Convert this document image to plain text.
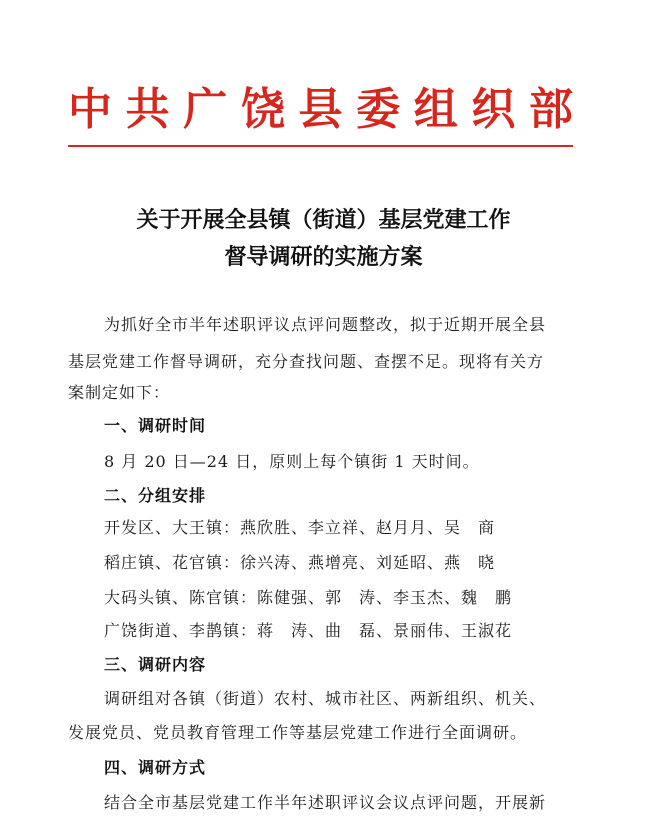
中 共 广 饶 县 委 组 织 部
关于开展全县镇（街道）基层党建工作
督导调研的实施方案
为抓好全市半年述职评议点评问题整改，拟于近期开展全县
基层党建工作督导调研，充分查找问题、查摆不足。现将有关方
案制定如下：
一、调研时间
8 月 20 日—24 日，原则上每个镇街 1 天时间。
二、分组安排
开发区、大王镇：燕欣胜、李立祥、赵月月、吴　商
稻庄镇、花官镇：徐兴涛、燕增亮、刘延昭、燕　晓
大码头镇、陈官镇：陈健强、郭　涛、李玉杰、魏　鹏
广饶街道、李鹊镇：蒋　涛、曲　磊、景丽伟、王淑花
三、调研内容
调研组对各镇（街道）农村、城市社区、两新组织、机关、
发展党员、党员教育管理工作等基层党建工作进行全面调研。
四、调研方式
结合全市基层党建工作半年述职评议会议点评问题，开展新
